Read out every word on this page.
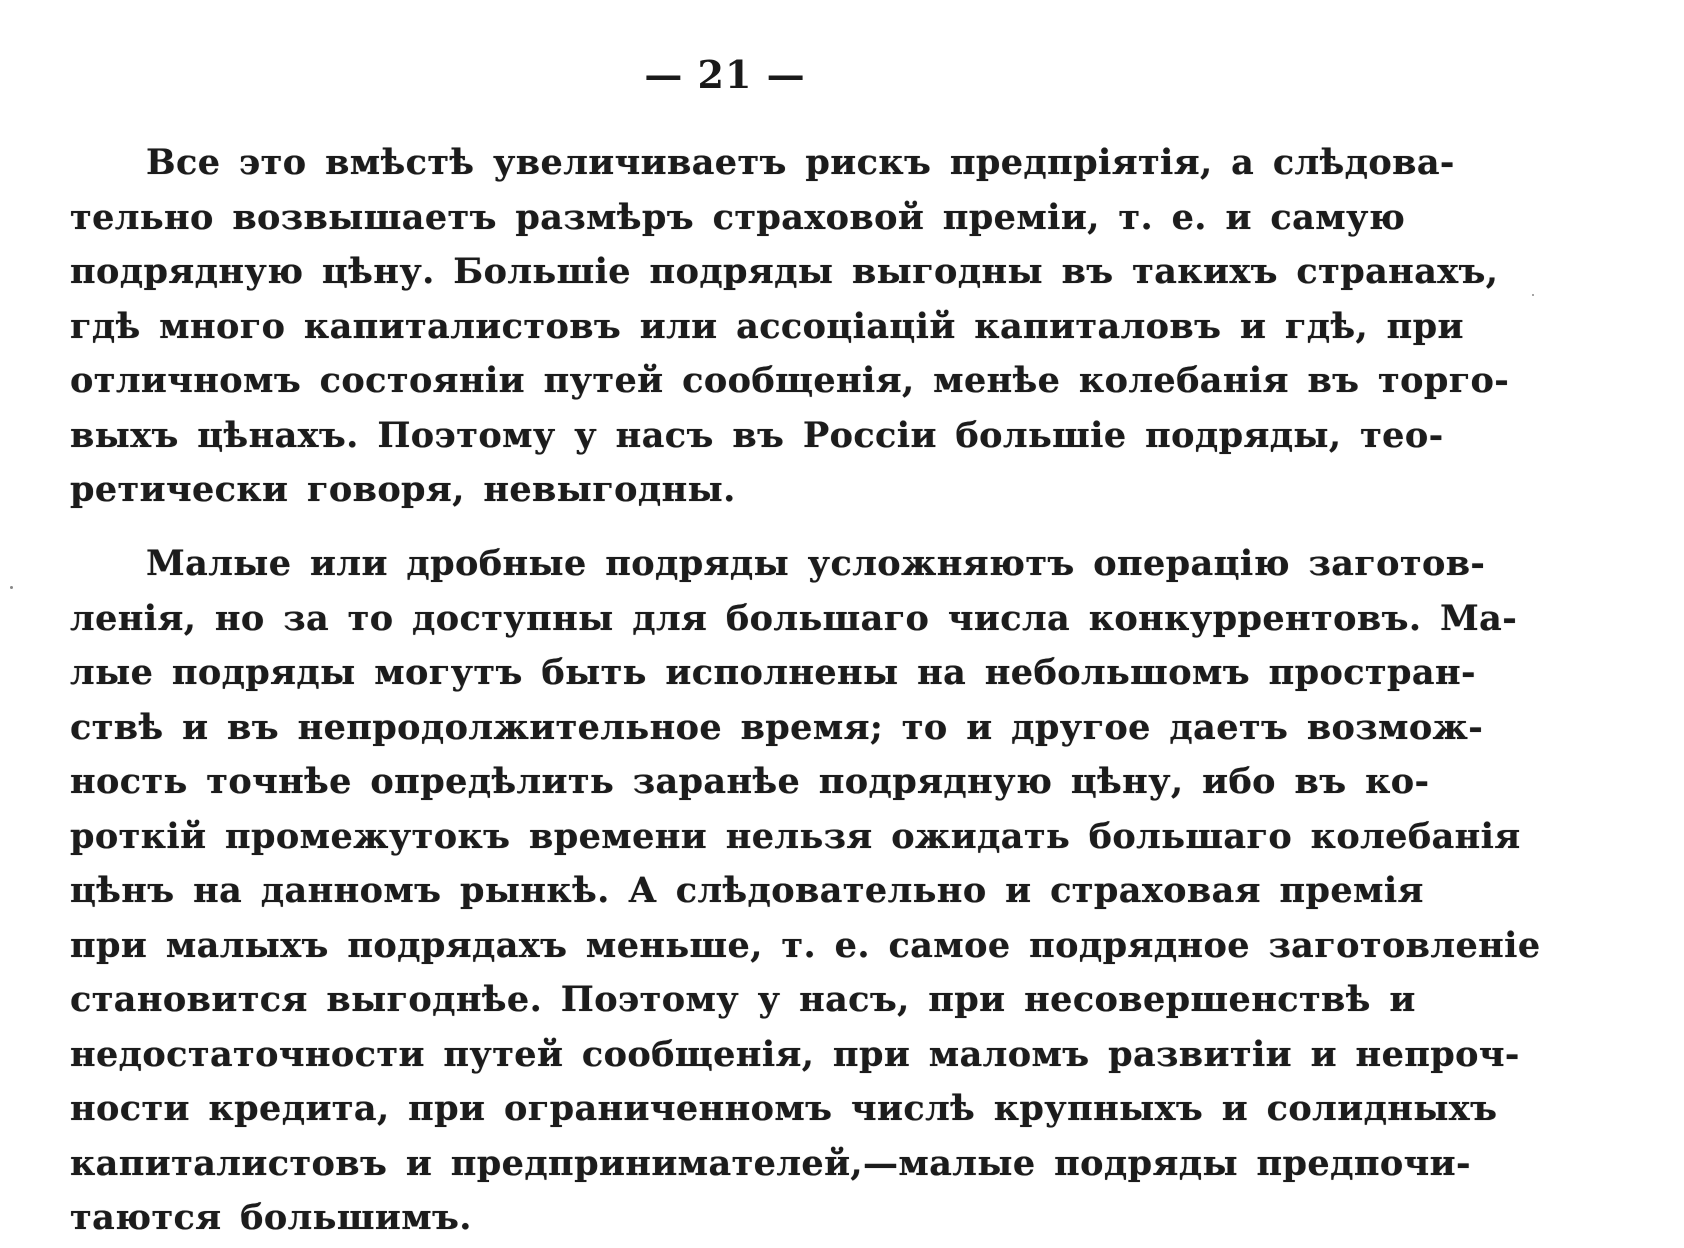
— 21 —
Все это вмѣстѣ увеличиваетъ рискъ предпріятія, а слѣдова-
тельно возвышаетъ размѣръ страховой преміи, т. е. и самую
подрядную цѣну. Большіе подряды выгодны въ такихъ странахъ,
гдѣ много капиталистовъ или ассоціацій капиталовъ и гдѣ, при
отличномъ состояніи путей сообщенія, менѣе колебанія въ торго-
выхъ цѣнахъ. Поэтому у насъ въ Россіи большіе подряды, тео-
ретически говоря, невыгодны.
Малые или дробные подряды усложняютъ операцію заготов-
ленія, но за то доступны для большаго числа конкуррентовъ. Ма-
лые подряды могутъ быть исполнены на небольшомъ простран-
ствѣ и въ непродолжительное время; то и другое даетъ возмож-
ность точнѣе опредѣлить заранѣе подрядную цѣну, ибо въ ко-
роткій промежутокъ времени нельзя ожидать большаго колебанія
цѣнъ на данномъ рынкѣ. А слѣдовательно и страховая премія
при малыхъ подрядахъ меньше, т. е. самое подрядное заготовленіе
становится выгоднѣе. Поэтому у насъ, при несовершенствѣ и
недостаточности путей сообщенія, при маломъ развитіи и непроч-
ности кредита, при ограниченномъ числѣ крупныхъ и солидныхъ
капиталистовъ и предпринимателей,—малые подряды предпочи-
таются большимъ.
